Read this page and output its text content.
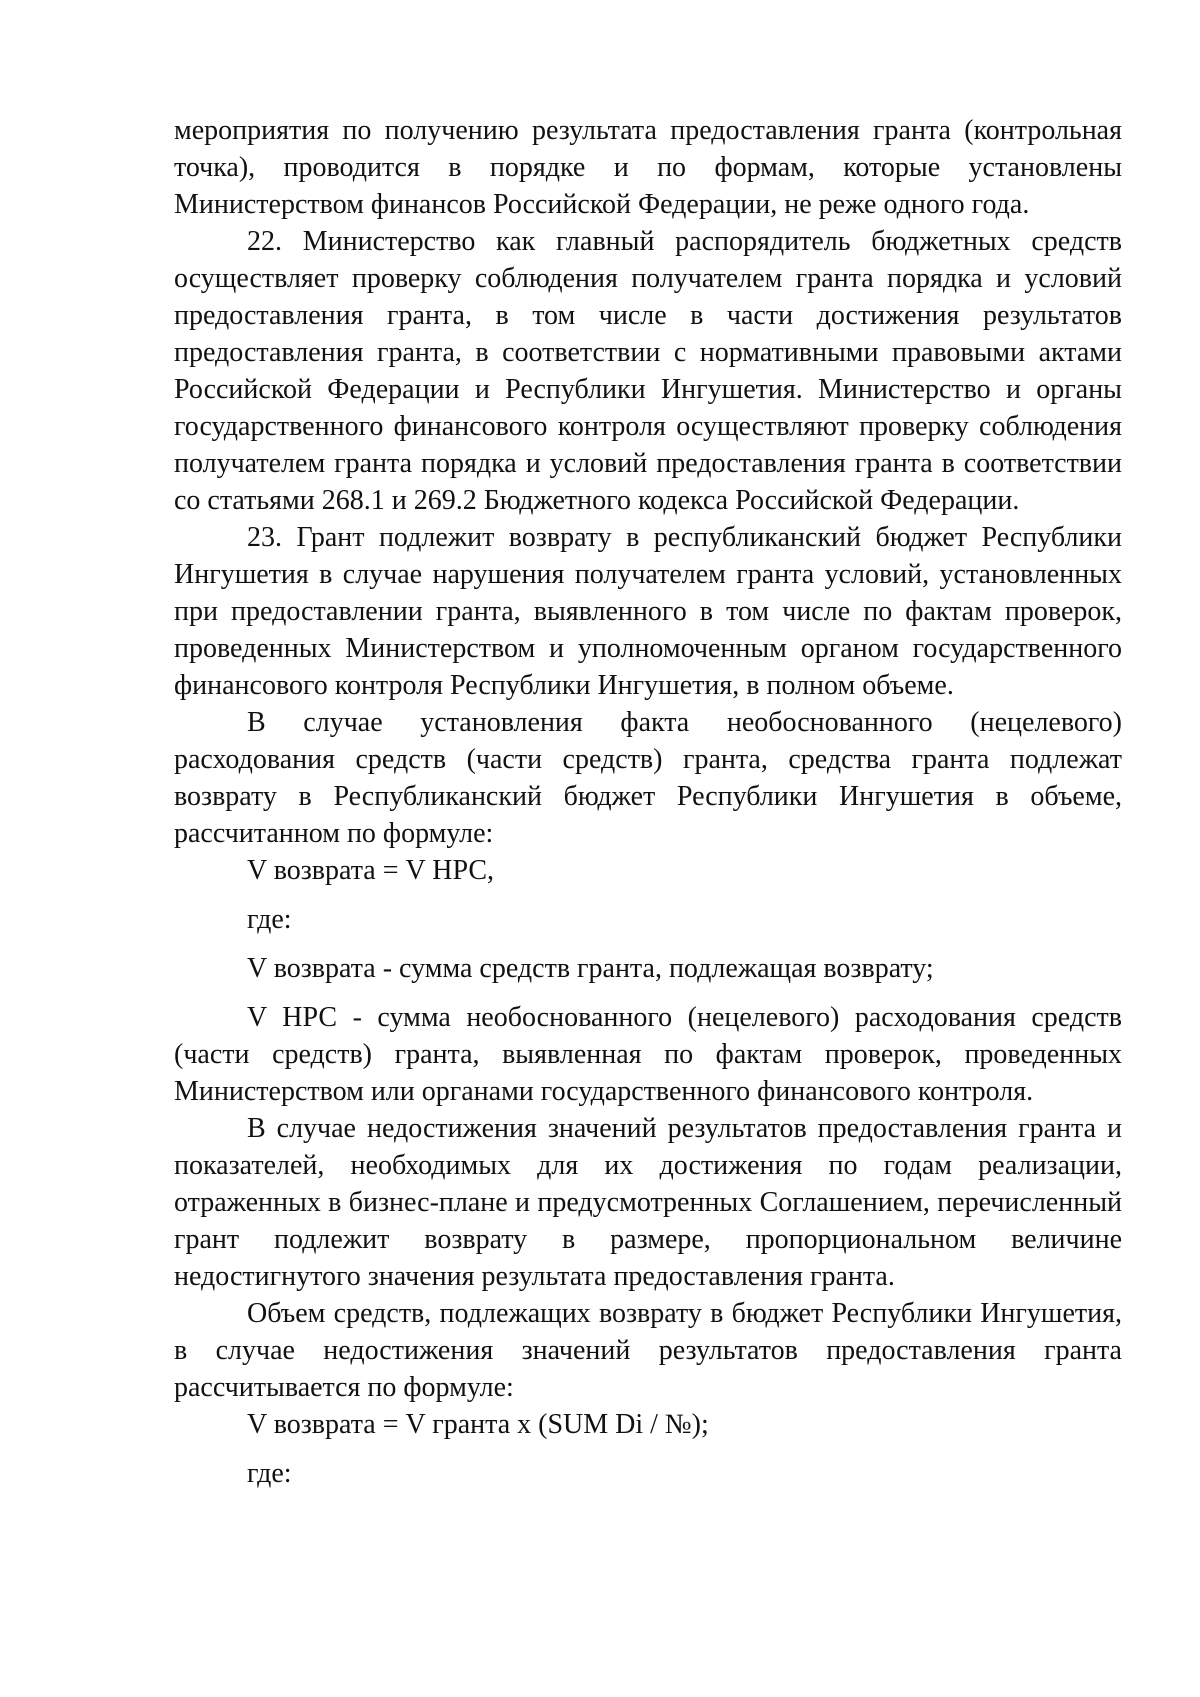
мероприятия по получению результата предоставления гранта (контрольная точка), проводится в порядке и по формам, которые установлены Министерством финансов Российской Федерации, не реже одного года.

22. Министерство как главный распорядитель бюджетных средств осуществляет проверку соблюдения получателем гранта порядка и условий предоставления гранта, в том числе в части достижения результатов предоставления гранта, в соответствии с нормативными правовыми актами Российской Федерации и Республики Ингушетия. Министерство и органы государственного финансового контроля осуществляют проверку соблюдения получателем гранта порядка и условий предоставления гранта в соответствии со статьями 268.1 и 269.2 Бюджетного кодекса Российской Федерации.

23. Грант подлежит возврату в республиканский бюджет Республики Ингушетия в случае нарушения получателем гранта условий, установленных при предоставлении гранта, выявленного в том числе по фактам проверок, проведенных Министерством и уполномоченным органом государственного финансового контроля Республики Ингушетия, в полном объеме.

В случае установления факта необоснованного (нецелевого) расходования средств (части средств) гранта, средства гранта подлежат возврату в Республиканский бюджет Республики Ингушетия в объеме, рассчитанном по формуле:

V возврата = V НРС,

где:

V возврата - сумма средств гранта, подлежащая возврату;

V НРС - сумма необоснованного (нецелевого) расходования средств (части средств) гранта, выявленная по фактам проверок, проведенных Министерством или органами государственного финансового контроля.

В случае недостижения значений результатов предоставления гранта и показателей, необходимых для их достижения по годам реализации, отраженных в бизнес-плане и предусмотренных Соглашением, перечисленный грант подлежит возврату в размере, пропорциональном величине недостигнутого значения результата предоставления гранта.

Объем средств, подлежащих возврату в бюджет Республики Ингушетия, в случае недостижения значений результатов предоставления гранта рассчитывается по формуле:

V возврата = V гранта x (SUM Di / №);

где:
